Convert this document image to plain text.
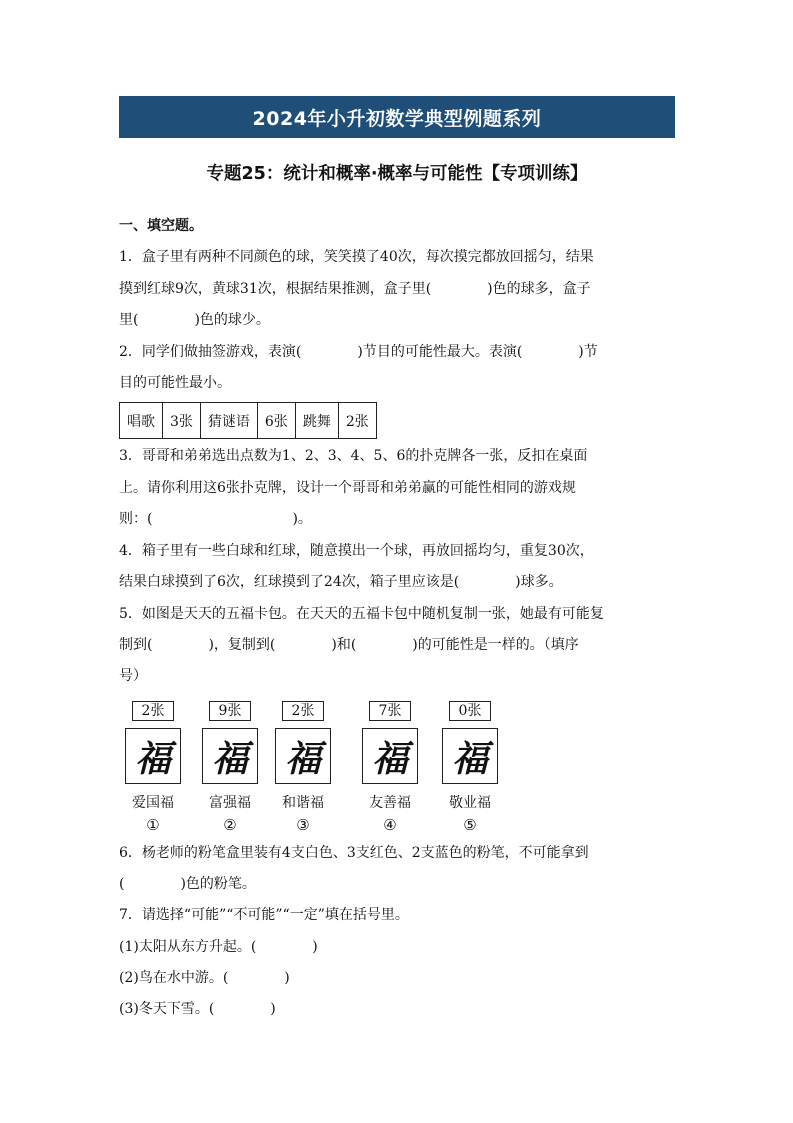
2024年小升初数学典型例题系列
专题25：统计和概率·概率与可能性【专项训练】
一、填空题。
1．盒子里有两种不同颜色的球，笑笑摸了40次，每次摸完都放回摇匀，结果
摸到红球9次，黄球31次，根据结果推测，盒子里(　　　　)色的球多，盒子
里(　　　　)色的球少。
2．同学们做抽签游戏，表演(　　　　)节目的可能性最大。表演(　　　　)节
目的可能性最小。
唱歌	3张	猜谜语	6张	跳舞	2张
3．哥哥和弟弟选出点数为1、2、3、4、5、6的扑克牌各一张，反扣在桌面
上。请你利用这6张扑克牌，设计一个哥哥和弟弟赢的可能性相同的游戏规
则：(　　　　　　　　　　)。
4．箱子里有一些白球和红球，随意摸出一个球，再放回摇均匀，重复30次，
结果白球摸到了6次，红球摸到了24次，箱子里应该是(　　　　)球多。
5．如图是天天的五福卡包。在天天的五福卡包中随机复制一张，她最有可能复
制到(　　　　)，复制到(　　　　)和(　　　　)的可能性是一样的。（填序
号）
2张
福
爱国福
①
9张
福
富强福
②
2张
福
和谐福
③
7张
福
友善福
④
0张
福
敬业福
⑤
6．杨老师的粉笔盒里装有4支白色、3支红色、2支蓝色的粉笔，不可能拿到
(　　　　)色的粉笔。
7．请选择“可能”“不可能”“一定”填在括号里。
(1)太阳从东方升起。(　　　　)
(2)鸟在水中游。(　　　　)
(3)冬天下雪。(　　　　)
